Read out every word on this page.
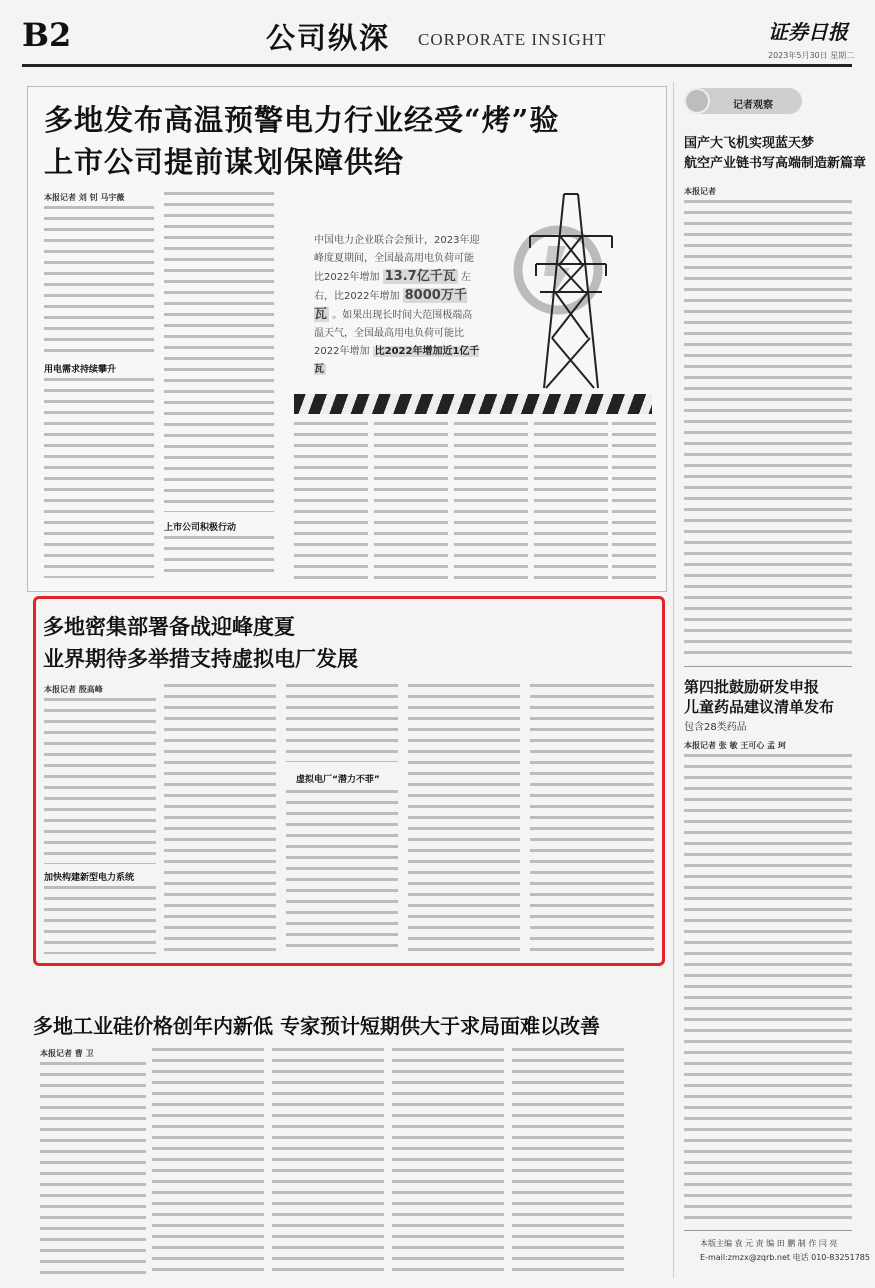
B2	公司纵深 CORPORATE INSIGHT	证券日报
2023年5月30日 星期二
多地发布高温预警电力行业经受“烤”验
上市公司提前谋划保障供给
本报记者 刘 钊 马宇薇
用电需求持续攀升
上市公司积极行动
中国电力企业联合会预计，2023年迎峰度夏期间，全国最高用电负荷可能比2022年增加 13.7亿千瓦 左右，比2022年增加 8000万千瓦 。如果出现长时间大范围极端高温天气，全国最高用电负荷可能比2022年增加 比2022年增加近1亿千瓦
多地密集部署备战迎峰度夏
业界期待多举措支持虚拟电厂发展
本报记者 殷高峰
加快构建新型电力系统
虚拟电厂“潜力不菲”
多地工业硅价格创年内新低 专家预计短期供大于求局面难以改善
本报记者 曹 卫
记者观察
国产大飞机实现蓝天梦
航空产业链书写高端制造新篇章
本报记者
第四批鼓励研发申报
儿童药品建议清单发布
包含28类药品
本报记者 张 敏 王可心 孟 珂
本版主编 袁 元 责 编 田 鹏 制 作 闫 亮
E-mail:zmzx@zqrb.net 电话 010-83251785
